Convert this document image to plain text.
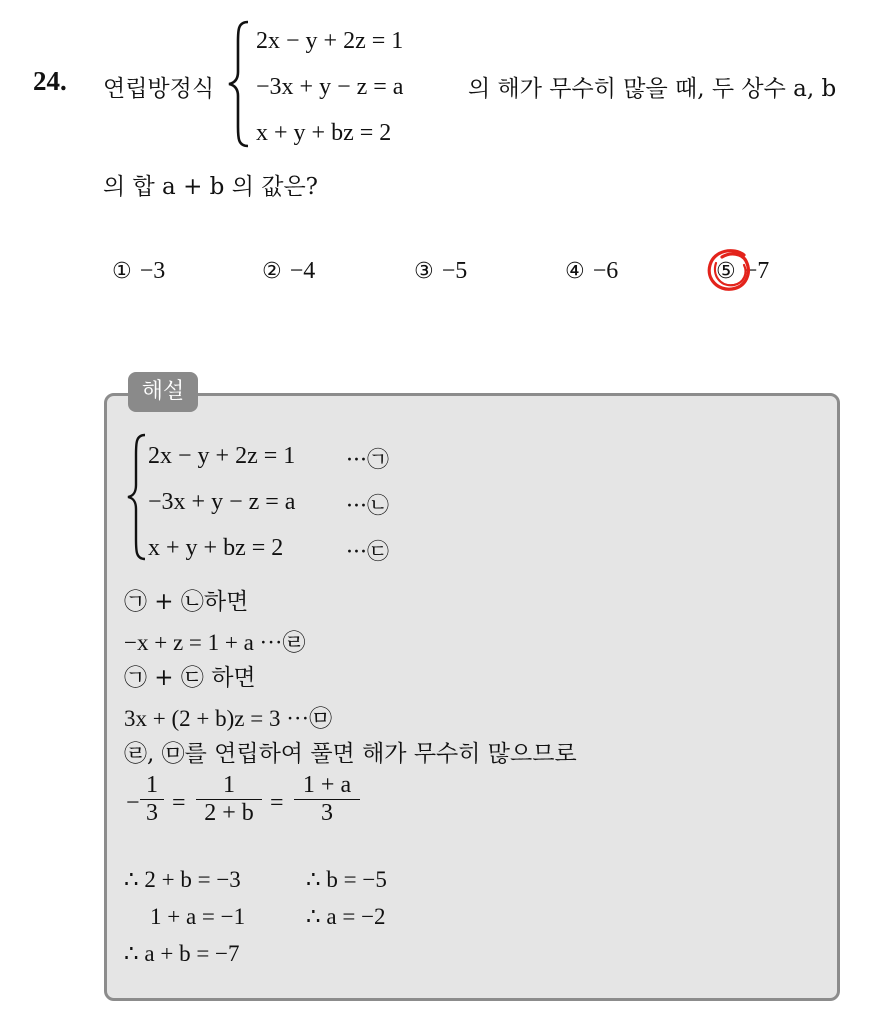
24. 연립방정식
2x − y + 2z = 1
−3x + y − z = a
x + y + bz = 2
의 해가 무수히 많을 때, 두 상수 a, b
의 합 a + b 의 값은?
① −3	② −4	③ −5	④ −6	⑤ −7
해설
2x − y + 2z = 1 ···㉠
−3x + y − z = a ···㉡
x + y + bz = 2	···㉢
㉠ + ㉡하면
−x + z = 1 + a ···㉣
㉠ + ㉢ 하면
3x + (2 + b)z = 3 ···㉤
㉣, ㉤를 연립하여 풀면 해가 무수히 많으므로
−
1
3 =
1
2 + b =
1 + a
3
∴ 2 + b = −3	∴ b = −5
1 + a = −1	∴ a = −2
∴ a + b = −7
